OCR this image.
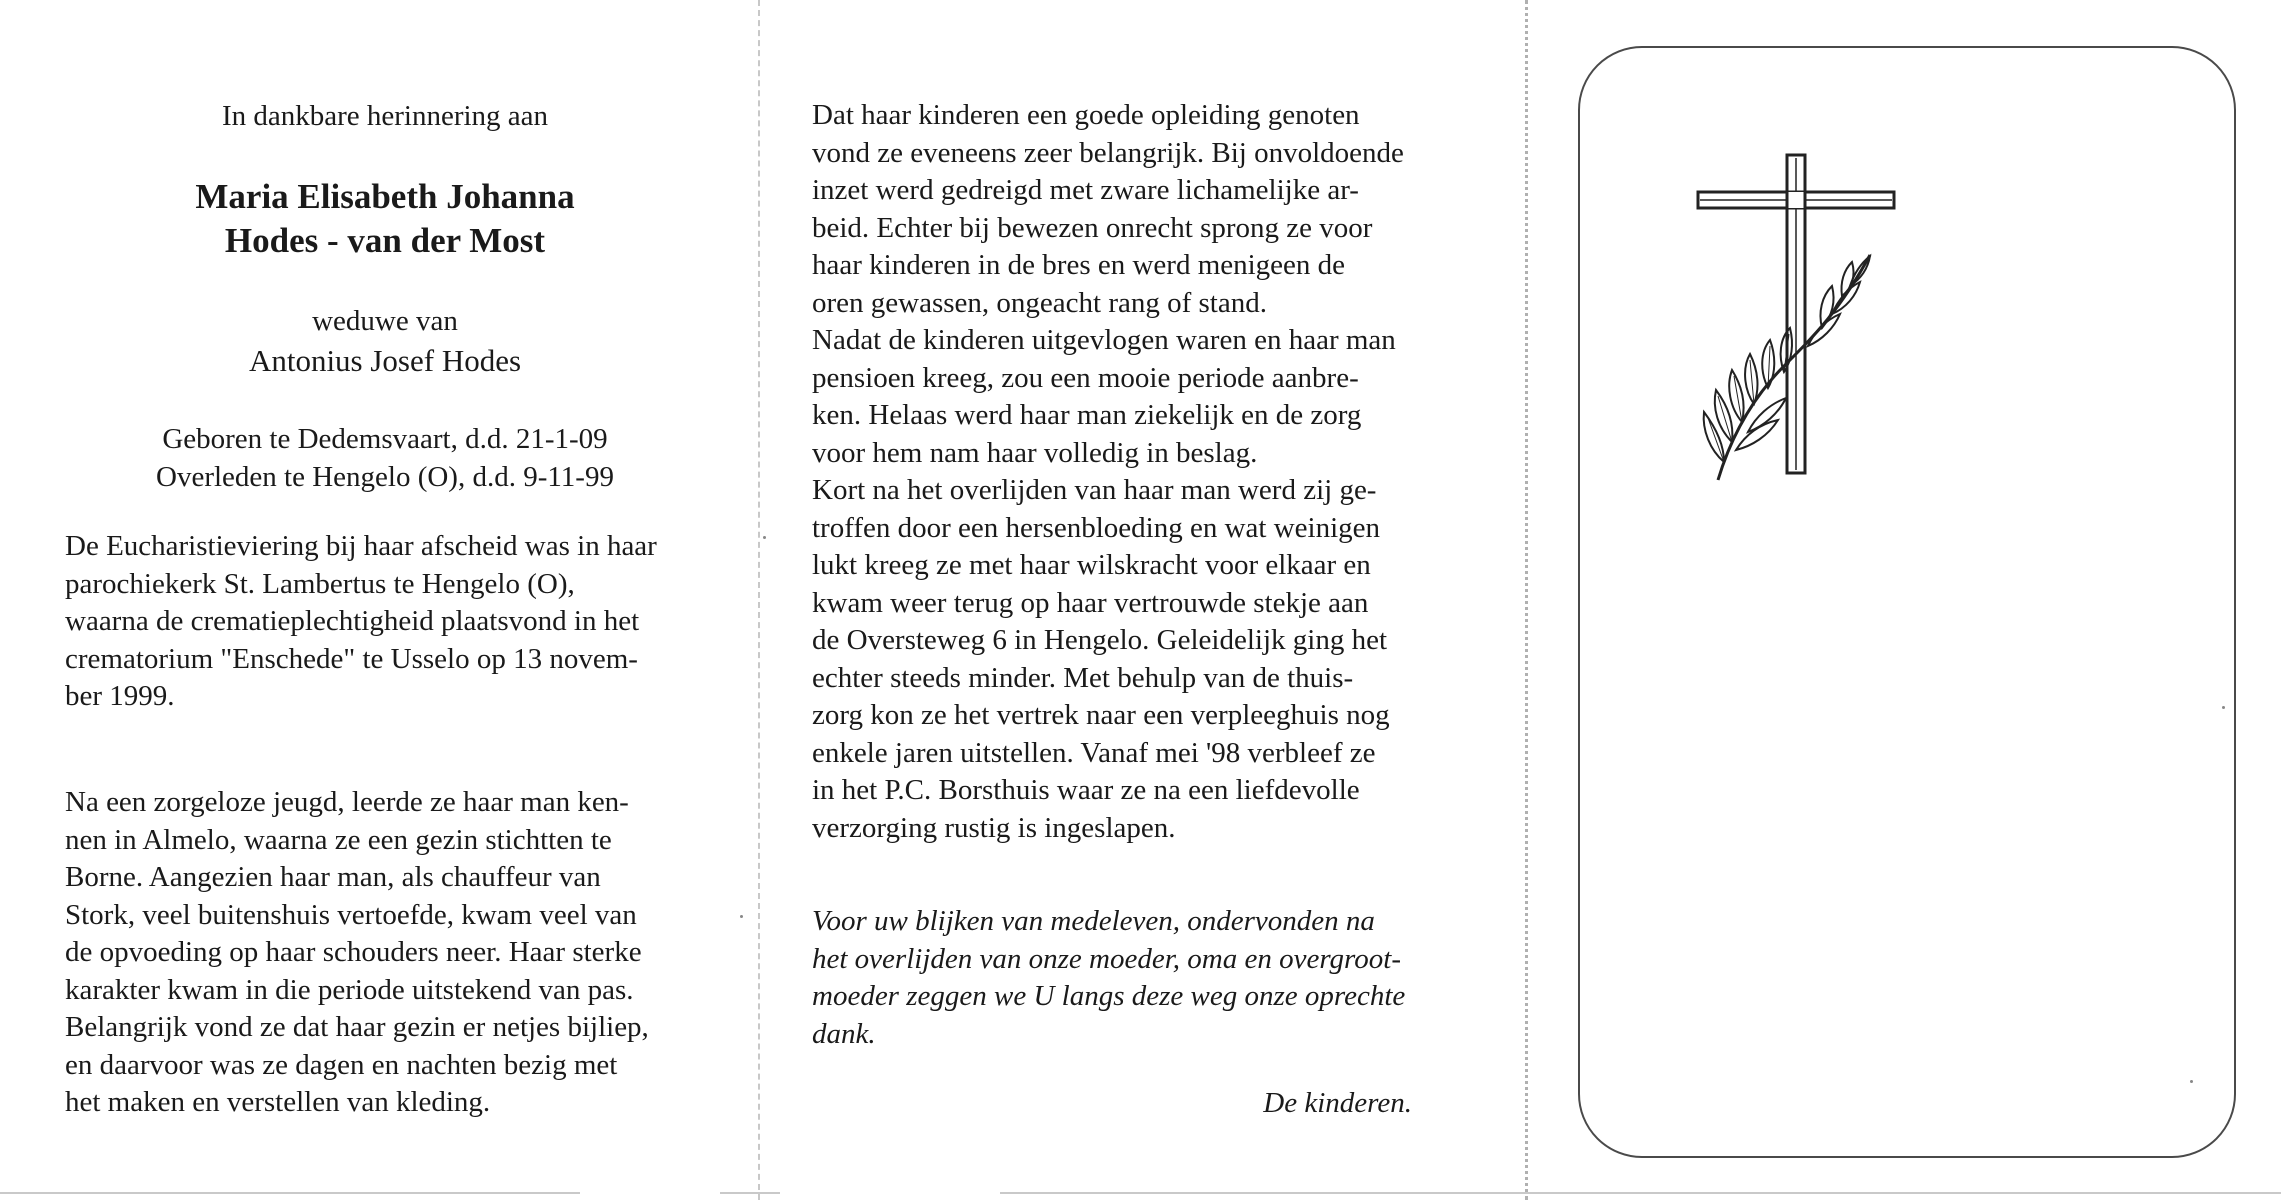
In dankbare herinnering aan
Maria Elisabeth Johanna
Hodes - van der Most
weduwe van
Antonius Josef Hodes
Geboren te Dedemsvaart, d.d. 21-1-09
Overleden te Hengelo (O), d.d. 9-11-99
De Eucharistieviering bij haar afscheid was in haar
parochiekerk St. Lambertus te Hengelo (O),
waarna de crematieplechtigheid plaatsvond in het
crematorium "Enschede" te Usselo op 13 novem-
ber 1999.
Na een zorgeloze jeugd, leerde ze haar man ken-
nen in Almelo, waarna ze een gezin stichtten te
Borne. Aangezien haar man, als chauffeur van
Stork, veel buitenshuis vertoefde, kwam veel van
de opvoeding op haar schouders neer. Haar sterke
karakter kwam in die periode uitstekend van pas.
Belangrijk vond ze dat haar gezin er netjes bijliep,
en daarvoor was ze dagen en nachten bezig met
het maken en verstellen van kleding.
Dat haar kinderen een goede opleiding genoten
vond ze eveneens zeer belangrijk. Bij onvoldoende
inzet werd gedreigd met zware lichamelijke ar-
beid. Echter bij bewezen onrecht sprong ze voor
haar kinderen in de bres en werd menigeen de
oren gewassen, ongeacht rang of stand.
Nadat de kinderen uitgevlogen waren en haar man
pensioen kreeg, zou een mooie periode aanbre-
ken. Helaas werd haar man ziekelijk en de zorg
voor hem nam haar volledig in beslag.
Kort na het overlijden van haar man werd zij ge-
troffen door een hersenbloeding en wat weinigen
lukt kreeg ze met haar wilskracht voor elkaar en
kwam weer terug op haar vertrouwde stekje aan
de Oversteweg 6 in Hengelo. Geleidelijk ging het
echter steeds minder. Met behulp van de thuis-
zorg kon ze het vertrek naar een verpleeghuis nog
enkele jaren uitstellen. Vanaf mei '98 verbleef ze
in het P.C. Borsthuis waar ze na een liefdevolle
verzorging rustig is ingeslapen.
Voor uw blijken van medeleven, ondervonden na
het overlijden van onze moeder, oma en overgroot-
moeder zeggen we U langs deze weg onze oprechte
dank.
De kinderen.
